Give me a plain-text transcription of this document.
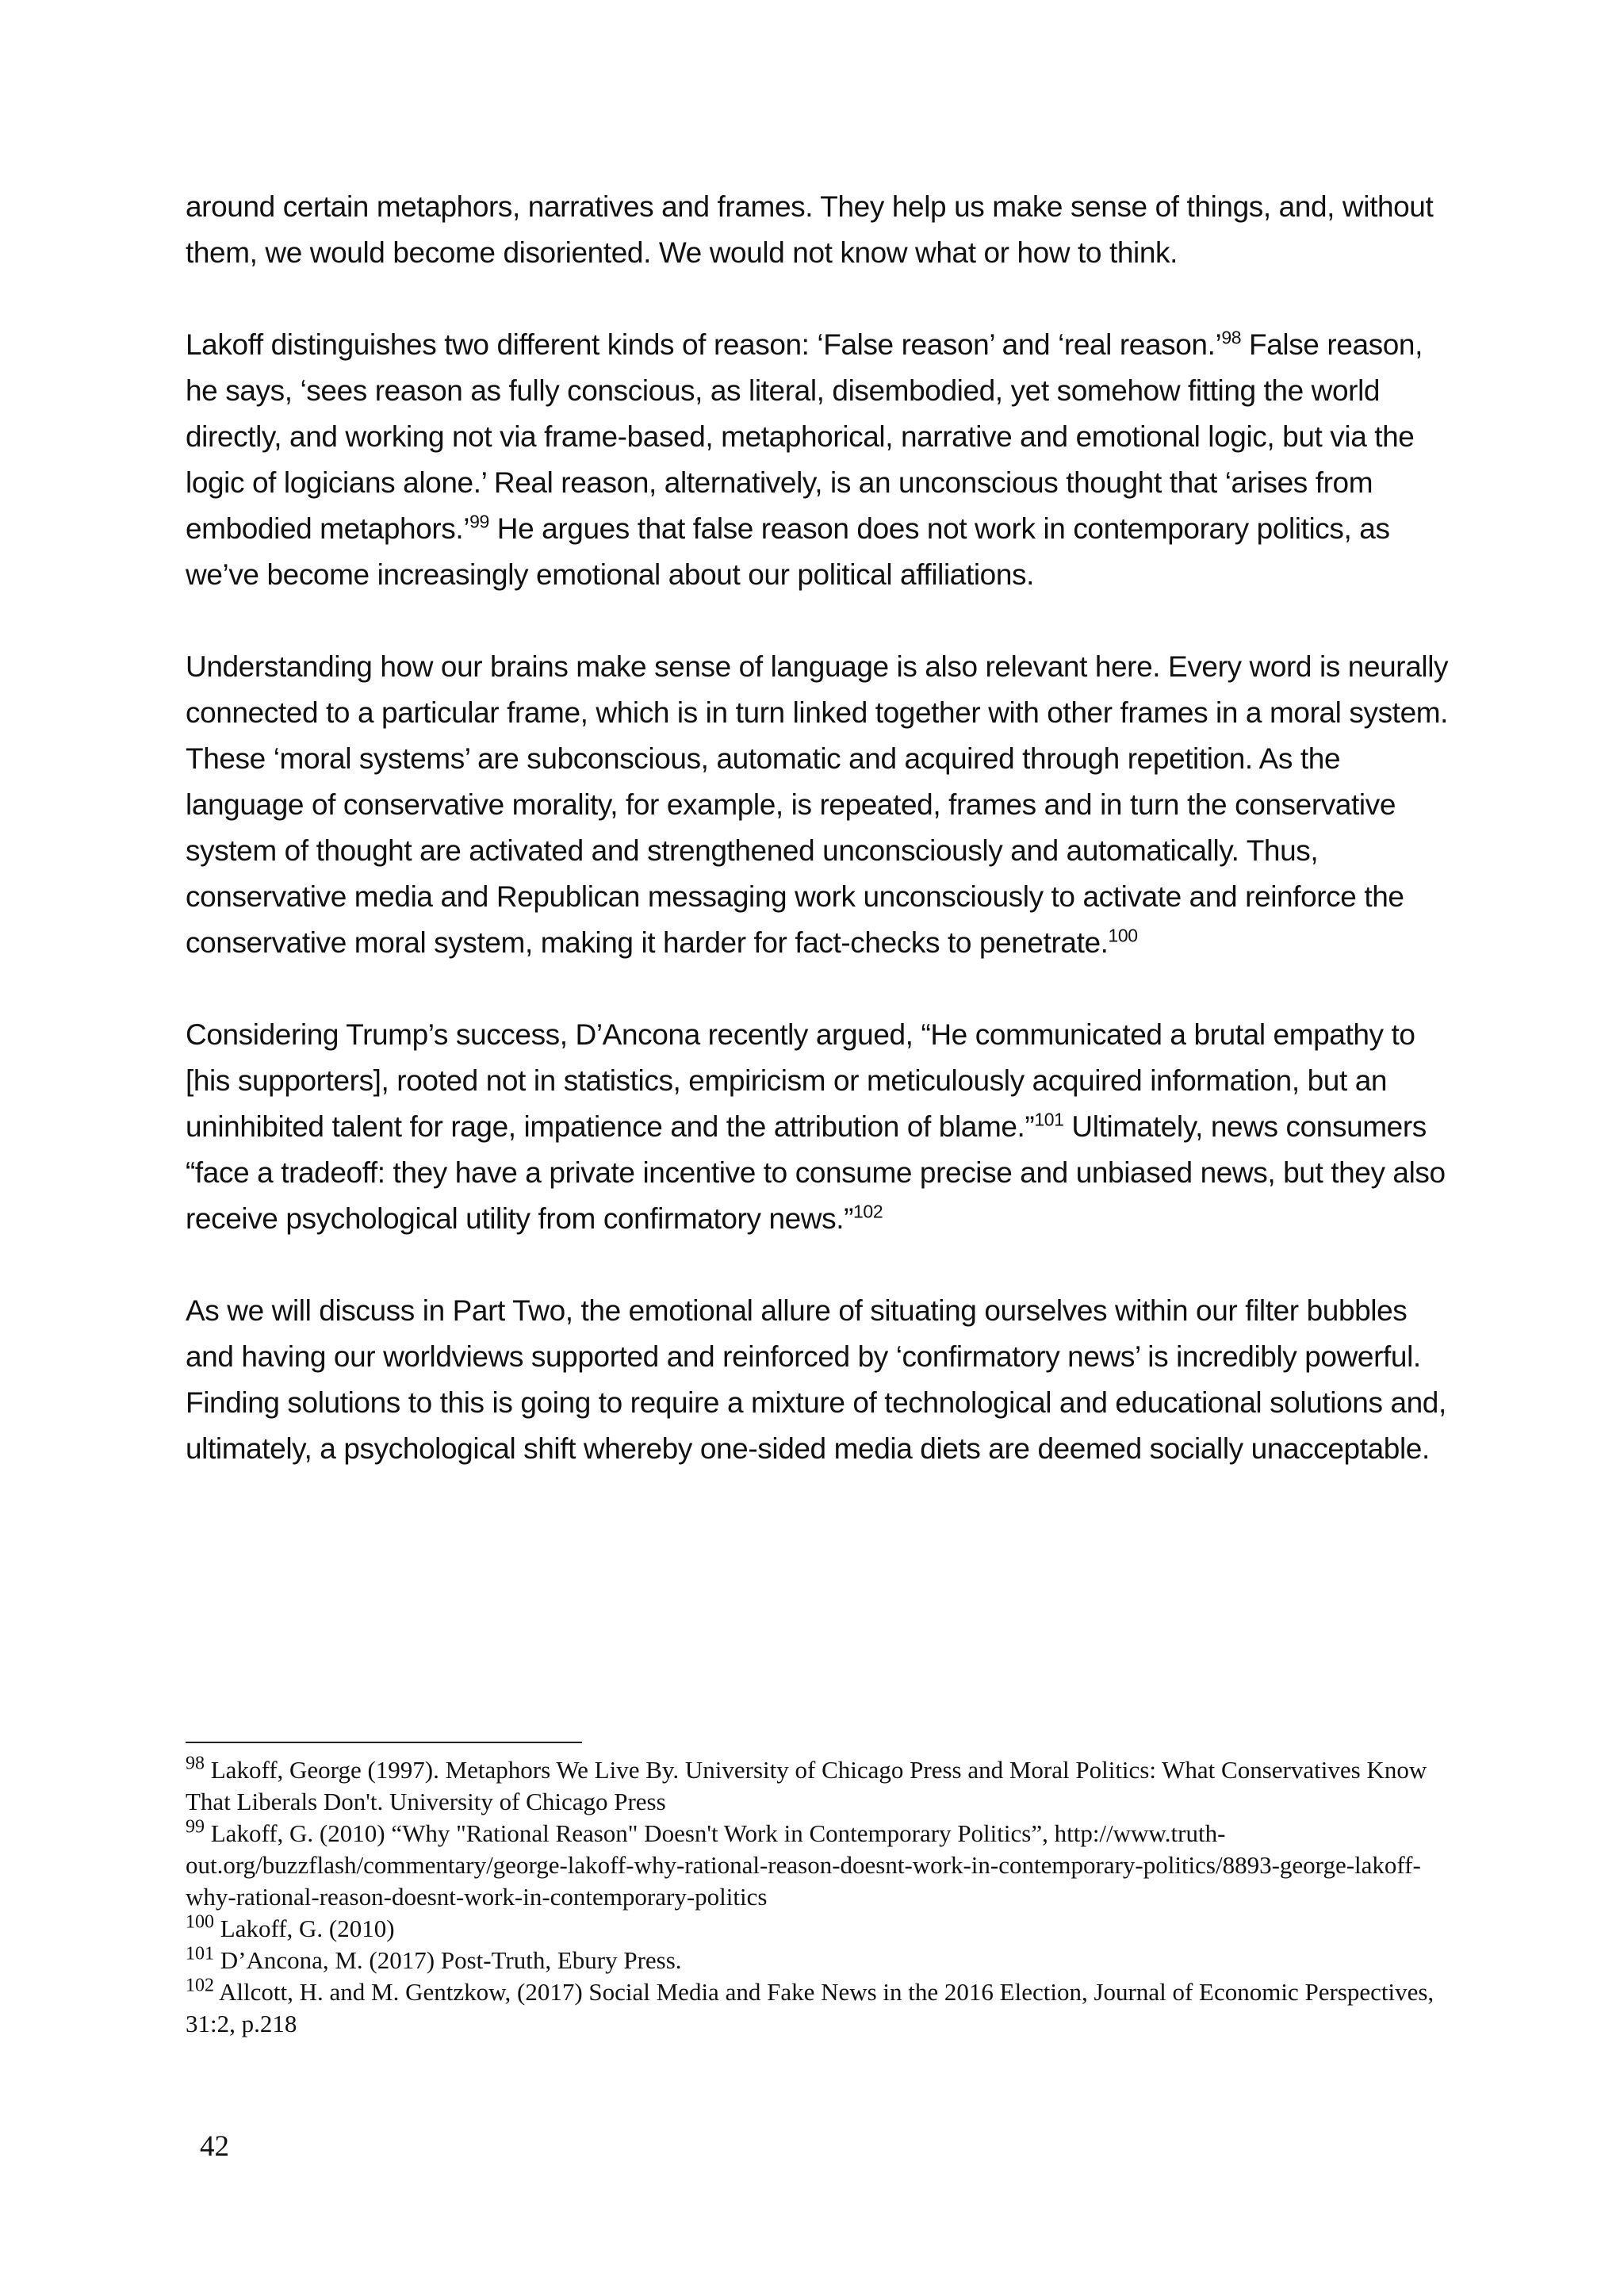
around certain metaphors, narratives and frames. They help us make sense of things, and, without them, we would become disoriented. We would not know what or how to think.

Lakoff distinguishes two different kinds of reason: ‘False reason’ and ‘real reason.’$^{98}$ False reason, he says, ‘sees reason as fully conscious, as literal, disembodied, yet somehow fitting the world directly, and working not via frame-based, metaphorical, narrative and emotional logic, but via the logic of logicians alone.’ Real reason, alternatively, is an unconscious thought that ‘arises from embodied metaphors.’$^{99}$ He argues that false reason does not work in contemporary politics, as we’ve become increasingly emotional about our political affiliations.

Understanding how our brains make sense of language is also relevant here. Every word is neurally connected to a particular frame, which is in turn linked together with other frames in a moral system. These ‘moral systems’ are subconscious, automatic and acquired through repetition. As the language of conservative morality, for example, is repeated, frames and in turn the conservative system of thought are activated and strengthened unconsciously and automatically. Thus, conservative media and Republican messaging work unconsciously to activate and reinforce the conservative moral system, making it harder for fact-checks to penetrate.$^{100}$

Considering Trump’s success, D’Ancona recently argued, “He communicated a brutal empathy to [his supporters], rooted not in statistics, empiricism or meticulously acquired information, but an uninhibited talent for rage, impatience and the attribution of blame.”$^{101}$ Ultimately, news consumers “face a tradeoff: they have a private incentive to consume precise and unbiased news, but they also receive psychological utility from confirmatory news.”$^{102}$

As we will discuss in Part Two, the emotional allure of situating ourselves within our filter bubbles and having our worldviews supported and reinforced by ‘confirmatory news’ is incredibly powerful. Finding solutions to this is going to require a mixture of technological and educational solutions and, ultimately, a psychological shift whereby one-sided media diets are deemed socially unacceptable.

$^{98}$ Lakoff, George (1997). Metaphors We Live By. University of Chicago Press and Moral Politics: What Conservatives Know That Liberals Don't. University of Chicago Press

$^{99}$ Lakoff, G. (2010) “Why "Rational Reason" Doesn't Work in Contemporary Politics”, http://www.truth-out.org/buzzflash/commentary/george-lakoff-why-rational-reason-doesnt-work-in-contemporary-politics/8893-george-lakoff-why-rational-reason-doesnt-work-in-contemporary-politics

$^{100}$ Lakoff, G. (2010)

$^{101}$ D’Ancona, M. (2017) Post-Truth, Ebury Press.

$^{102}$ Allcott, H. and M. Gentzkow, (2017) Social Media and Fake News in the 2016 Election, Journal of Economic Perspectives, 31:2, p.218

42
